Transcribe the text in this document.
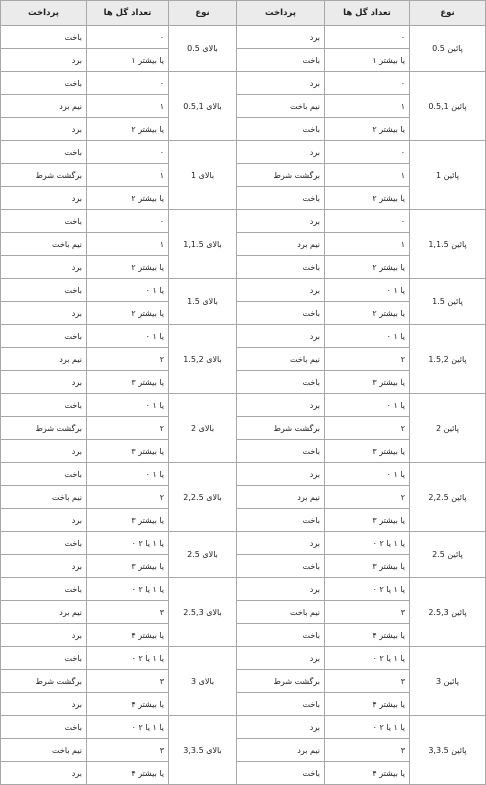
پرداخت	تعداد گل ها	نوع	پرداخت	تعداد گل ها	نوع
باخت	۰	بالای 0.5	برد	۰	پائین 0.5
برد	۱ یا بیشتر		باخت	۱ یا بیشتر	
باخت	۰	بالای 0.5,1	برد	۰	پائین 0.5,1
نیم برد	۱		نیم باخت	۱	
برد	۲ یا بیشتر		باخت	۲ یا بیشتر	
باخت	۰	بالای 1	برد	۰	پائین 1
برگشت شرط	۱		برگشت شرط	۱	
برد	۲ یا بیشتر		باخت	۲ یا بیشتر	
باخت	۰	بالای 1,1.5	برد	۰	پائین 1,1.5
نیم باخت	۱		نیم برد	۱	
برد	۲ یا بیشتر		باخت	۲ یا بیشتر	
باخت	۰ یا ۱	بالای 1.5	برد	۰ یا ۱	پائین 1.5
برد	۲ یا بیشتر		باخت	۲ یا بیشتر	
باخت	۰ یا ۱	بالای 1.5,2	برد	۰ یا ۱	پائین 1.5,2
نیم برد	۲		نیم باخت	۲	
برد	۳ یا بیشتر		باخت	۳ یا بیشتر	
باخت	۰ یا ۱	بالای 2	برد	۰ یا ۱	پائین 2
برگشت شرط	۲		برگشت شرط	۲	
برد	۳ یا بیشتر		باخت	۳ یا بیشتر	
باخت	۰ یا ۱	بالای 2,2.5	برد	۰ یا ۱	پائین 2,2.5
نیم باخت	۲		نیم برد	۲	
برد	۳ یا بیشتر		باخت	۳ یا بیشتر	
باخت	۰ یا ۱ یا ۲	بالای 2.5	برد	۰ یا ۱ یا ۲	پائین 2.5
برد	۳ یا بیشتر		باخت	۳ یا بیشتر	
باخت	۰ یا ۱ یا ۲	بالای 2.5,3	برد	۰ یا ۱ یا ۲	پائین 2.5,3
نیم برد	۳		نیم باخت	۳	
برد	۴ یا بیشتر		باخت	۴ یا بیشتر	
باخت	۰ یا ۱ یا ۲	بالای 3	برد	۰ یا ۱ یا ۲	پائین 3
برگشت شرط	۳		برگشت شرط	۳	
برد	۴ یا بیشتر		باخت	۴ یا بیشتر	
باخت	۰ یا ۱ یا ۲	بالای 3,3.5	برد	۰ یا ۱ یا ۲	پائین 3,3.5
نیم باخت	۳		نیم برد	۳	
برد	۴ یا بیشتر		باخت	۴ یا بیشتر	
